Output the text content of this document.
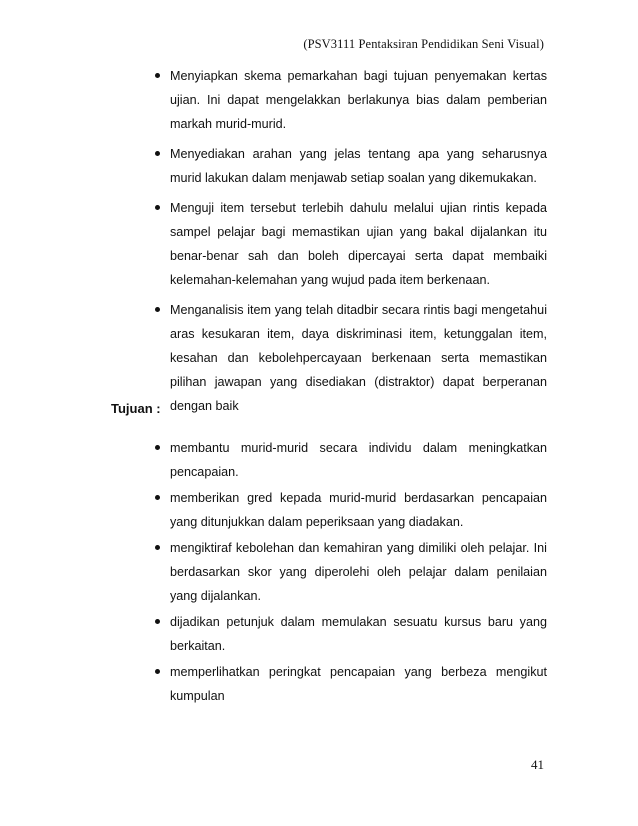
(PSV3111 Pentaksiran Pendidikan Seni Visual)
Menyiapkan skema pemarkahan bagi tujuan penyemakan kertas ujian. Ini dapat mengelakkan berlakunya bias dalam pemberian markah murid-murid.
Menyediakan arahan yang jelas tentang apa yang seharusnya murid lakukan dalam menjawab setiap soalan yang dikemukakan.
Menguji item tersebut terlebih dahulu melalui ujian rintis kepada sampel pelajar bagi memastikan ujian yang bakal dijalankan itu benar-benar sah dan boleh dipercayai serta dapat membaiki kelemahan-kelemahan yang wujud pada item berkenaan.
Menganalisis item yang telah ditadbir secara rintis bagi mengetahui aras kesukaran item, daya diskriminasi item, ketunggalan item, kesahan dan kebolehpercayaan berkenaan serta memastikan pilihan jawapan yang disediakan (distraktor) dapat berperanan dengan baik
Tujuan :
membantu murid-murid secara individu dalam meningkatkan pencapaian.
memberikan gred kepada murid-murid berdasarkan pencapaian yang ditunjukkan dalam peperiksaan yang diadakan.
mengiktiraf kebolehan dan kemahiran yang dimiliki oleh pelajar. Ini berdasarkan skor yang diperolehi oleh pelajar dalam penilaian yang dijalankan.
dijadikan petunjuk dalam memulakan sesuatu kursus baru yang berkaitan.
memperlihatkan peringkat pencapaian yang berbeza mengikut kumpulan
41
